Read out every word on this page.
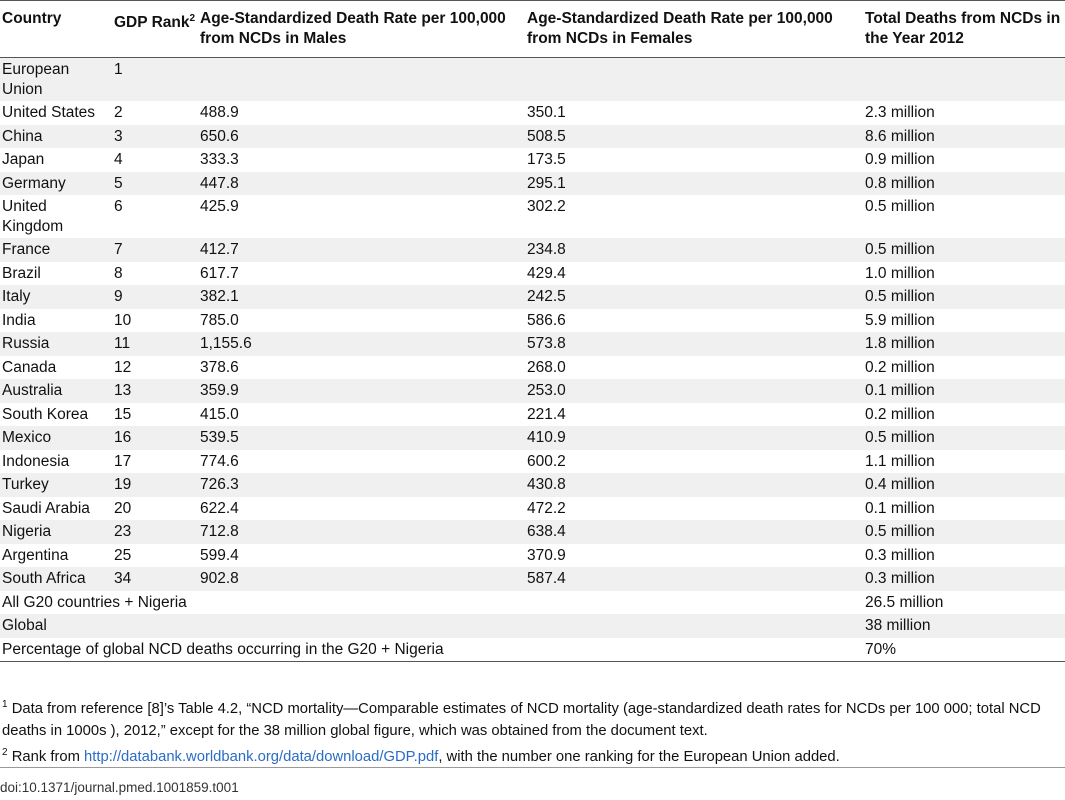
Country	GDP Rank$^2$	Age-Standardized Death Rate per 100,000 from NCDs in Males	Age-Standardized Death Rate per 100,000 from NCDs in Females	Total Deaths from NCDs in the Year 2012
European Union	1			
United States	2	488.9	350.1	2.3 million
China	3	650.6	508.5	8.6 million
Japan	4	333.3	173.5	0.9 million
Germany	5	447.8	295.1	0.8 million
United Kingdom	6	425.9	302.2	0.5 million
France	7	412.7	234.8	0.5 million
Brazil	8	617.7	429.4	1.0 million
Italy	9	382.1	242.5	0.5 million
India	10	785.0	586.6	5.9 million
Russia	11	1,155.6	573.8	1.8 million
Canada	12	378.6	268.0	0.2 million
Australia	13	359.9	253.0	0.1 million
South Korea	15	415.0	221.4	0.2 million
Mexico	16	539.5	410.9	0.5 million
Indonesia	17	774.6	600.2	1.1 million
Turkey	19	726.3	430.8	0.4 million
Saudi Arabia	20	622.4	472.2	0.1 million
Nigeria	23	712.8	638.4	0.5 million
Argentina	25	599.4	370.9	0.3 million
South Africa	34	902.8	587.4	0.3 million
All G20 countries + Nigeria				26.5 million
Global				38 million
Percentage of global NCD deaths occurring in the G20 + Nigeria				70%

$^1$ Data from reference [8]’s Table 4.2, “NCD mortality—Comparable estimates of NCD mortality (age-standardized death rates for NCDs per 100 000; total NCD deaths in 1000s ), 2012,” except for the 38 million global figure, which was obtained from the document text.

$^2$ Rank from http://databank.worldbank.org/data/download/GDP.pdf, with the number one ranking for the European Union added.

doi:10.1371/journal.pmed.1001859.t001
